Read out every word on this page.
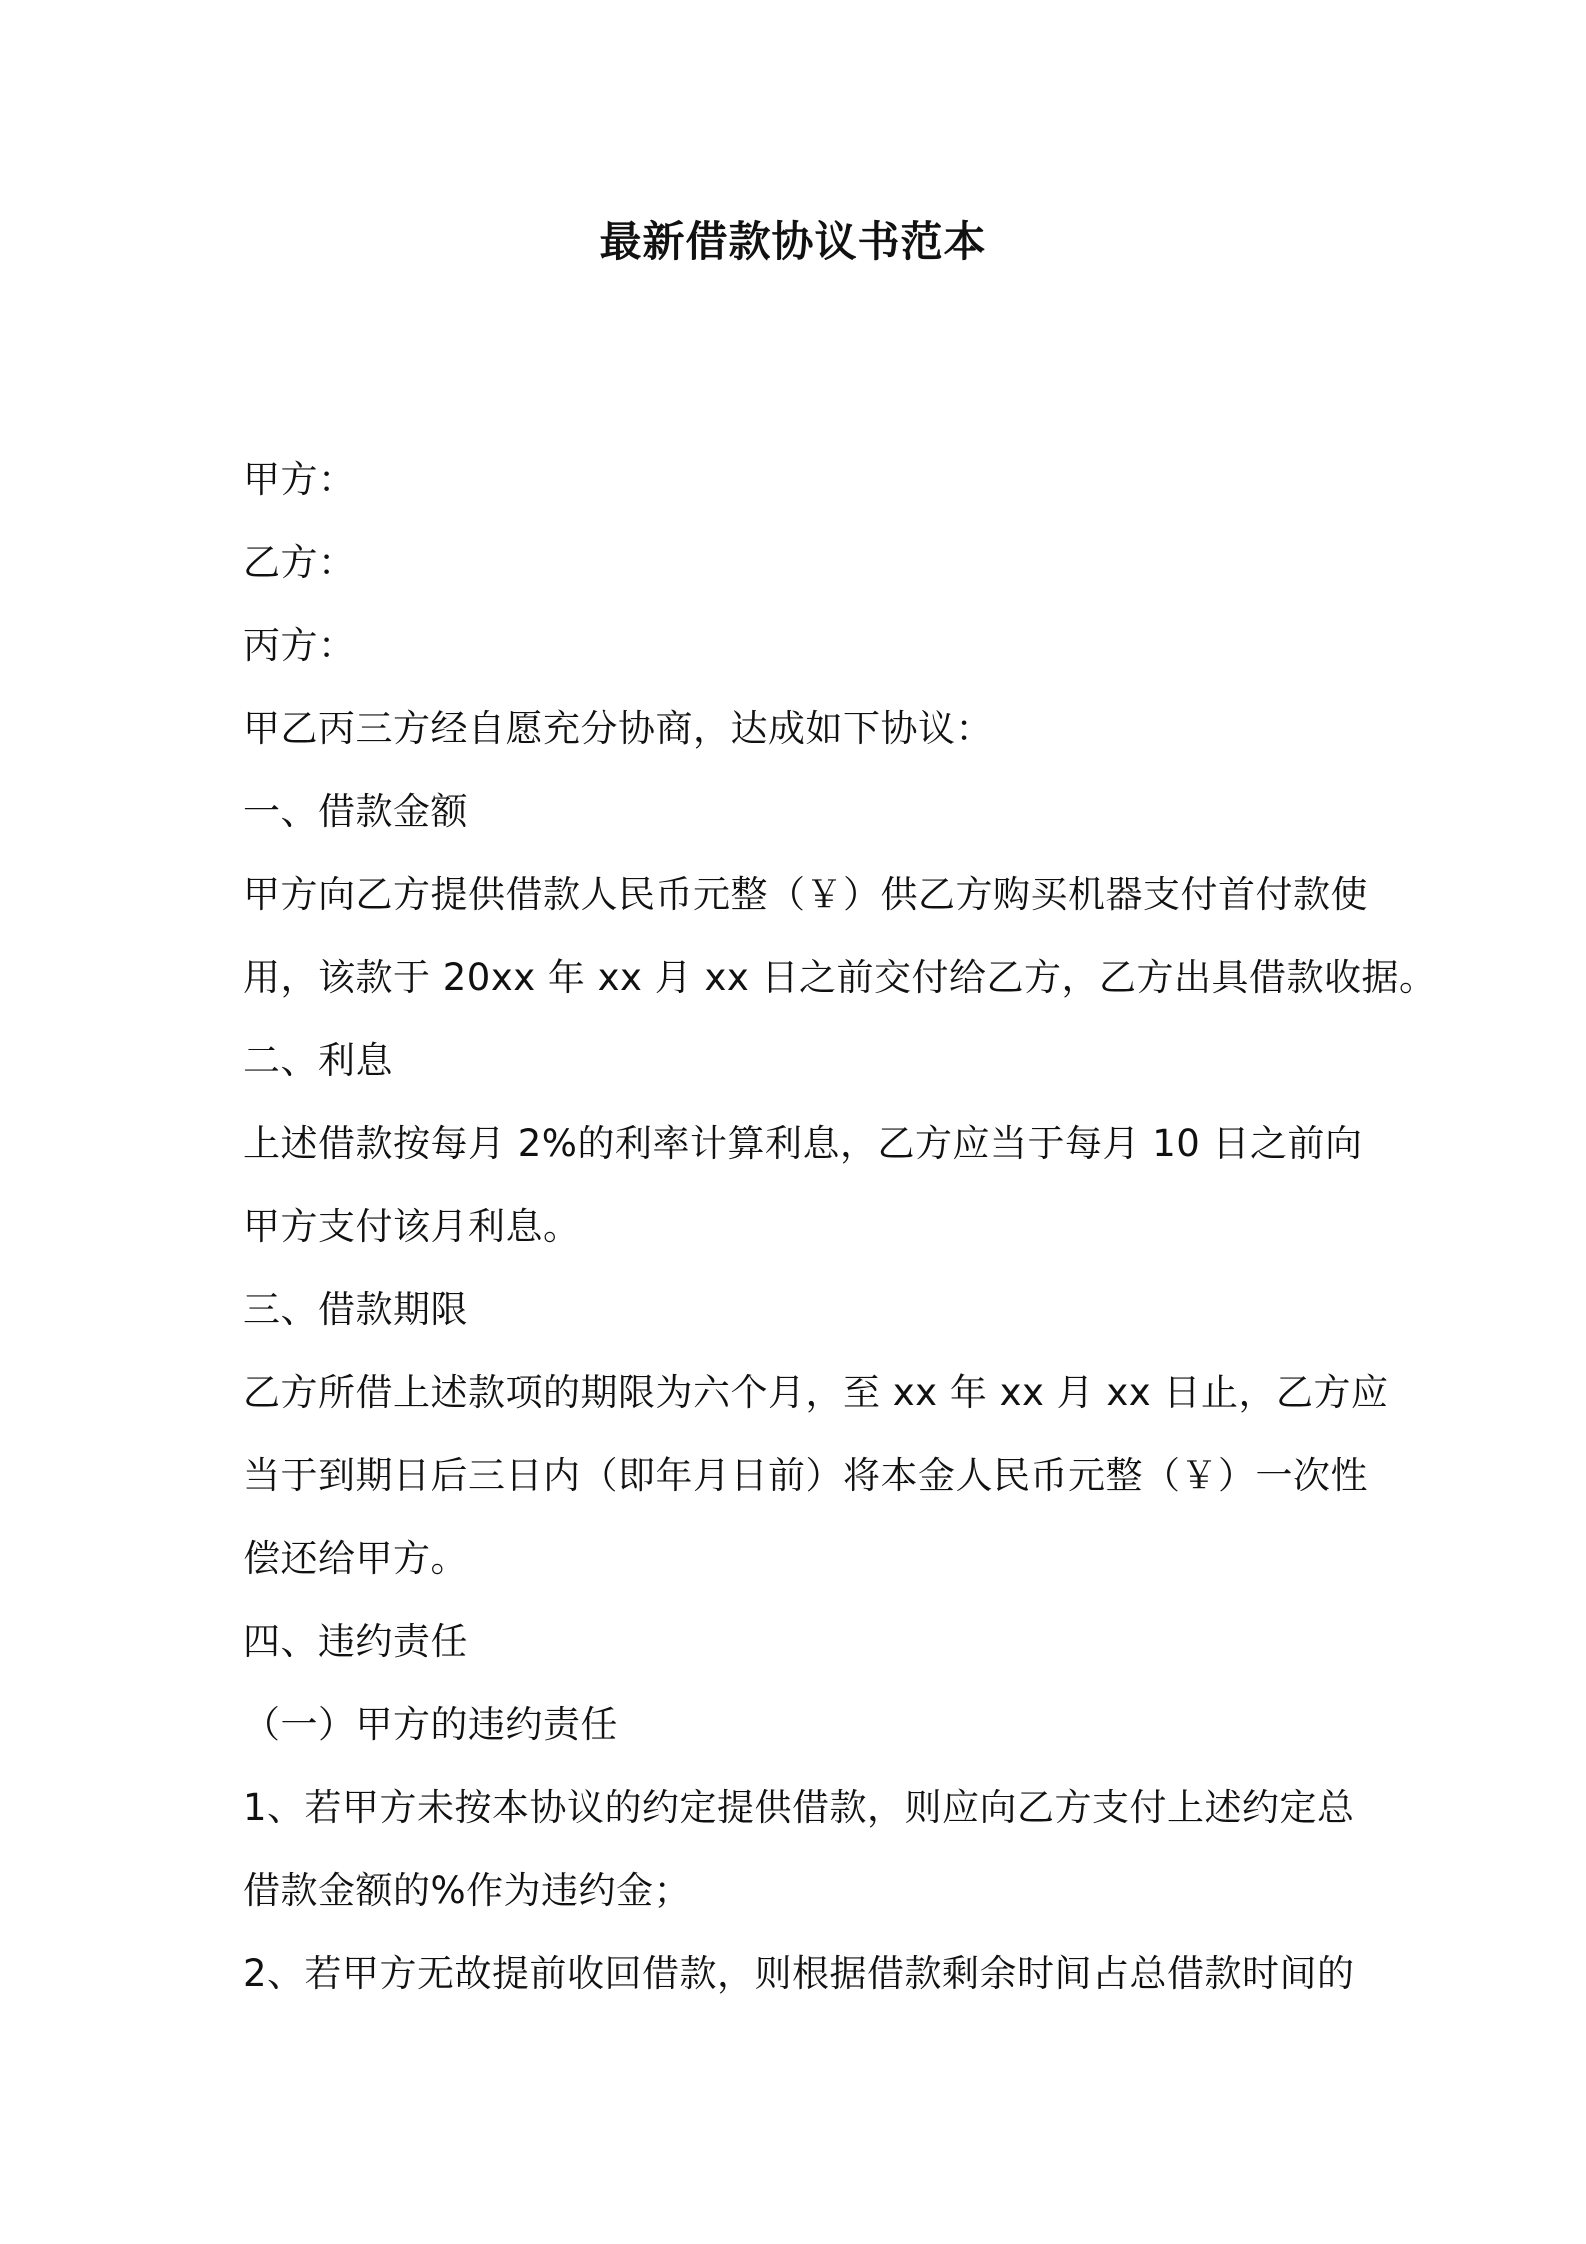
最新借款协议书范本
甲方：
乙方：
丙方：
甲乙丙三方经自愿充分协商，达成如下协议：
一、借款金额
甲方向乙方提供借款人民币元整（￥）供乙方购买机器支付首付款使
用，该款于 20xx 年 xx 月 xx 日之前交付给乙方，乙方出具借款收据。
二、利息
上述借款按每月 2%的利率计算利息，乙方应当于每月 10 日之前向
甲方支付该月利息。
三、借款期限
乙方所借上述款项的期限为六个月，至 xx 年 xx 月 xx 日止，乙方应
当于到期日后三日内（即年月日前）将本金人民币元整（￥）一次性
偿还给甲方。
四、违约责任
（一）甲方的违约责任
1、若甲方未按本协议的约定提供借款，则应向乙方支付上述约定总
借款金额的%作为违约金；
2、若甲方无故提前收回借款，则根据借款剩余时间占总借款时间的
